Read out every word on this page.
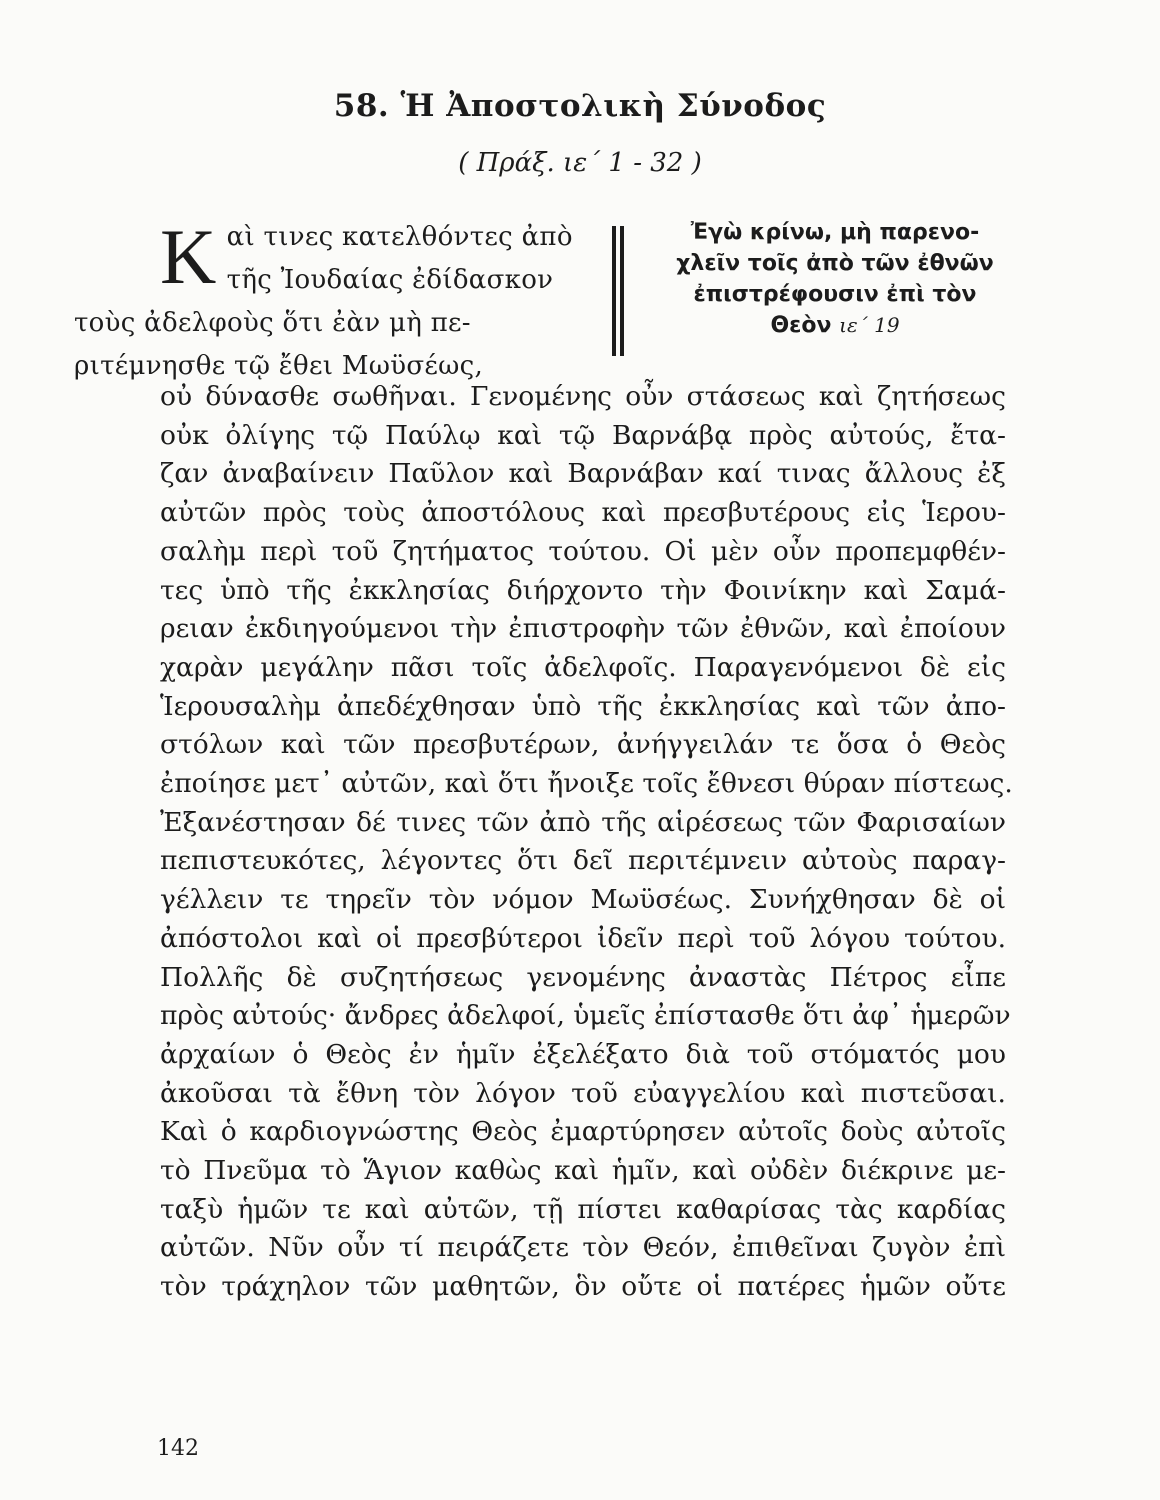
58. Ἡ Ἀποστολικὴ Σύνοδος
( Πράξ. ιε΄ 1 - 32 )
Κ αὶ τινες κατελθόντες ἀπὸ
τῆς Ἰουδαίας ἐδίδασκον
τοὺς ἀδελφοὺς ὅτι ἐὰν μὴ πε-
ριτέμνησθε τῷ ἔθει Μωϋσέως,
Ἐγὼ κρίνω, μὴ παρενο-
χλεῖν τοῖς ἀπὸ τῶν ἐθνῶν
ἐπιστρέφουσιν ἐπὶ τὸν
Θεὸν ιε΄ 19
οὐ δύνασθε σωθῆναι. Γενομένης οὖν στάσεως καὶ ζητήσεως
οὐκ ὀλίγης τῷ Παύλῳ καὶ τῷ Βαρνάβᾳ πρὸς αὐτούς, ἔτα-
ζαν ἀναβαίνειν Παῦλον καὶ Βαρνάβαν καί τινας ἄλλους ἐξ
αὐτῶν πρὸς τοὺς ἀποστόλους καὶ πρεσβυτέρους εἰς Ἱερου-
σαλὴμ περὶ τοῦ ζητήματος τούτου. Οἱ μὲν οὖν προπεμφθέν-
τες ὑπὸ τῆς ἐκκλησίας διήρχοντο τὴν Φοινίκην καὶ Σαμά-
ρειαν ἐκδιηγούμενοι τὴν ἐπιστροφὴν τῶν ἐθνῶν, καὶ ἐποίουν
χαρὰν μεγάλην πᾶσι τοῖς ἀδελφοῖς. Παραγενόμενοι δὲ εἰς
Ἱερουσαλὴμ ἀπεδέχθησαν ὑπὸ τῆς ἐκκλησίας καὶ τῶν ἀπο-
στόλων καὶ τῶν πρεσβυτέρων, ἀνήγγειλάν τε ὅσα ὁ Θεὸς
ἐποίησε μετ᾽ αὐτῶν, καὶ ὅτι ἤνοιξε τοῖς ἔθνεσι θύραν πίστεως.
Ἐξανέστησαν δέ τινες τῶν ἀπὸ τῆς αἱρέσεως τῶν Φαρισαίων
πεπιστευκότες, λέγοντες ὅτι δεῖ περιτέμνειν αὐτοὺς παραγ-
γέλλειν τε τηρεῖν τὸν νόμον Μωϋσέως. Συνήχθησαν δὲ οἱ
ἀπόστολοι καὶ οἱ πρεσβύτεροι ἰδεῖν περὶ τοῦ λόγου τούτου.
Πολλῆς δὲ συζητήσεως γενομένης ἀναστὰς Πέτρος εἶπε
πρὸς αὐτούς· ἄνδρες ἀδελφοί, ὑμεῖς ἐπίστασθε ὅτι ἀφ᾽ ἡμερῶν
ἀρχαίων ὁ Θεὸς ἐν ἡμῖν ἐξελέξατο διὰ τοῦ στόματός μου
ἀκοῦσαι τὰ ἔθνη τὸν λόγον τοῦ εὐαγγελίου καὶ πιστεῦσαι.
Καὶ ὁ καρδιογνώστης Θεὸς ἐμαρτύρησεν αὐτοῖς δοὺς αὐτοῖς
τὸ Πνεῦμα τὸ Ἅγιον καθὼς καὶ ἡμῖν, καὶ οὐδὲν διέκρινε με-
ταξὺ ἡμῶν τε καὶ αὐτῶν, τῇ πίστει καθαρίσας τὰς καρδίας
αὐτῶν. Νῦν οὖν τί πειράζετε τὸν Θεόν, ἐπιθεῖναι ζυγὸν ἐπὶ
τὸν τράχηλον τῶν μαθητῶν, ὃν οὔτε οἱ πατέρες ἡμῶν οὔτε
142
